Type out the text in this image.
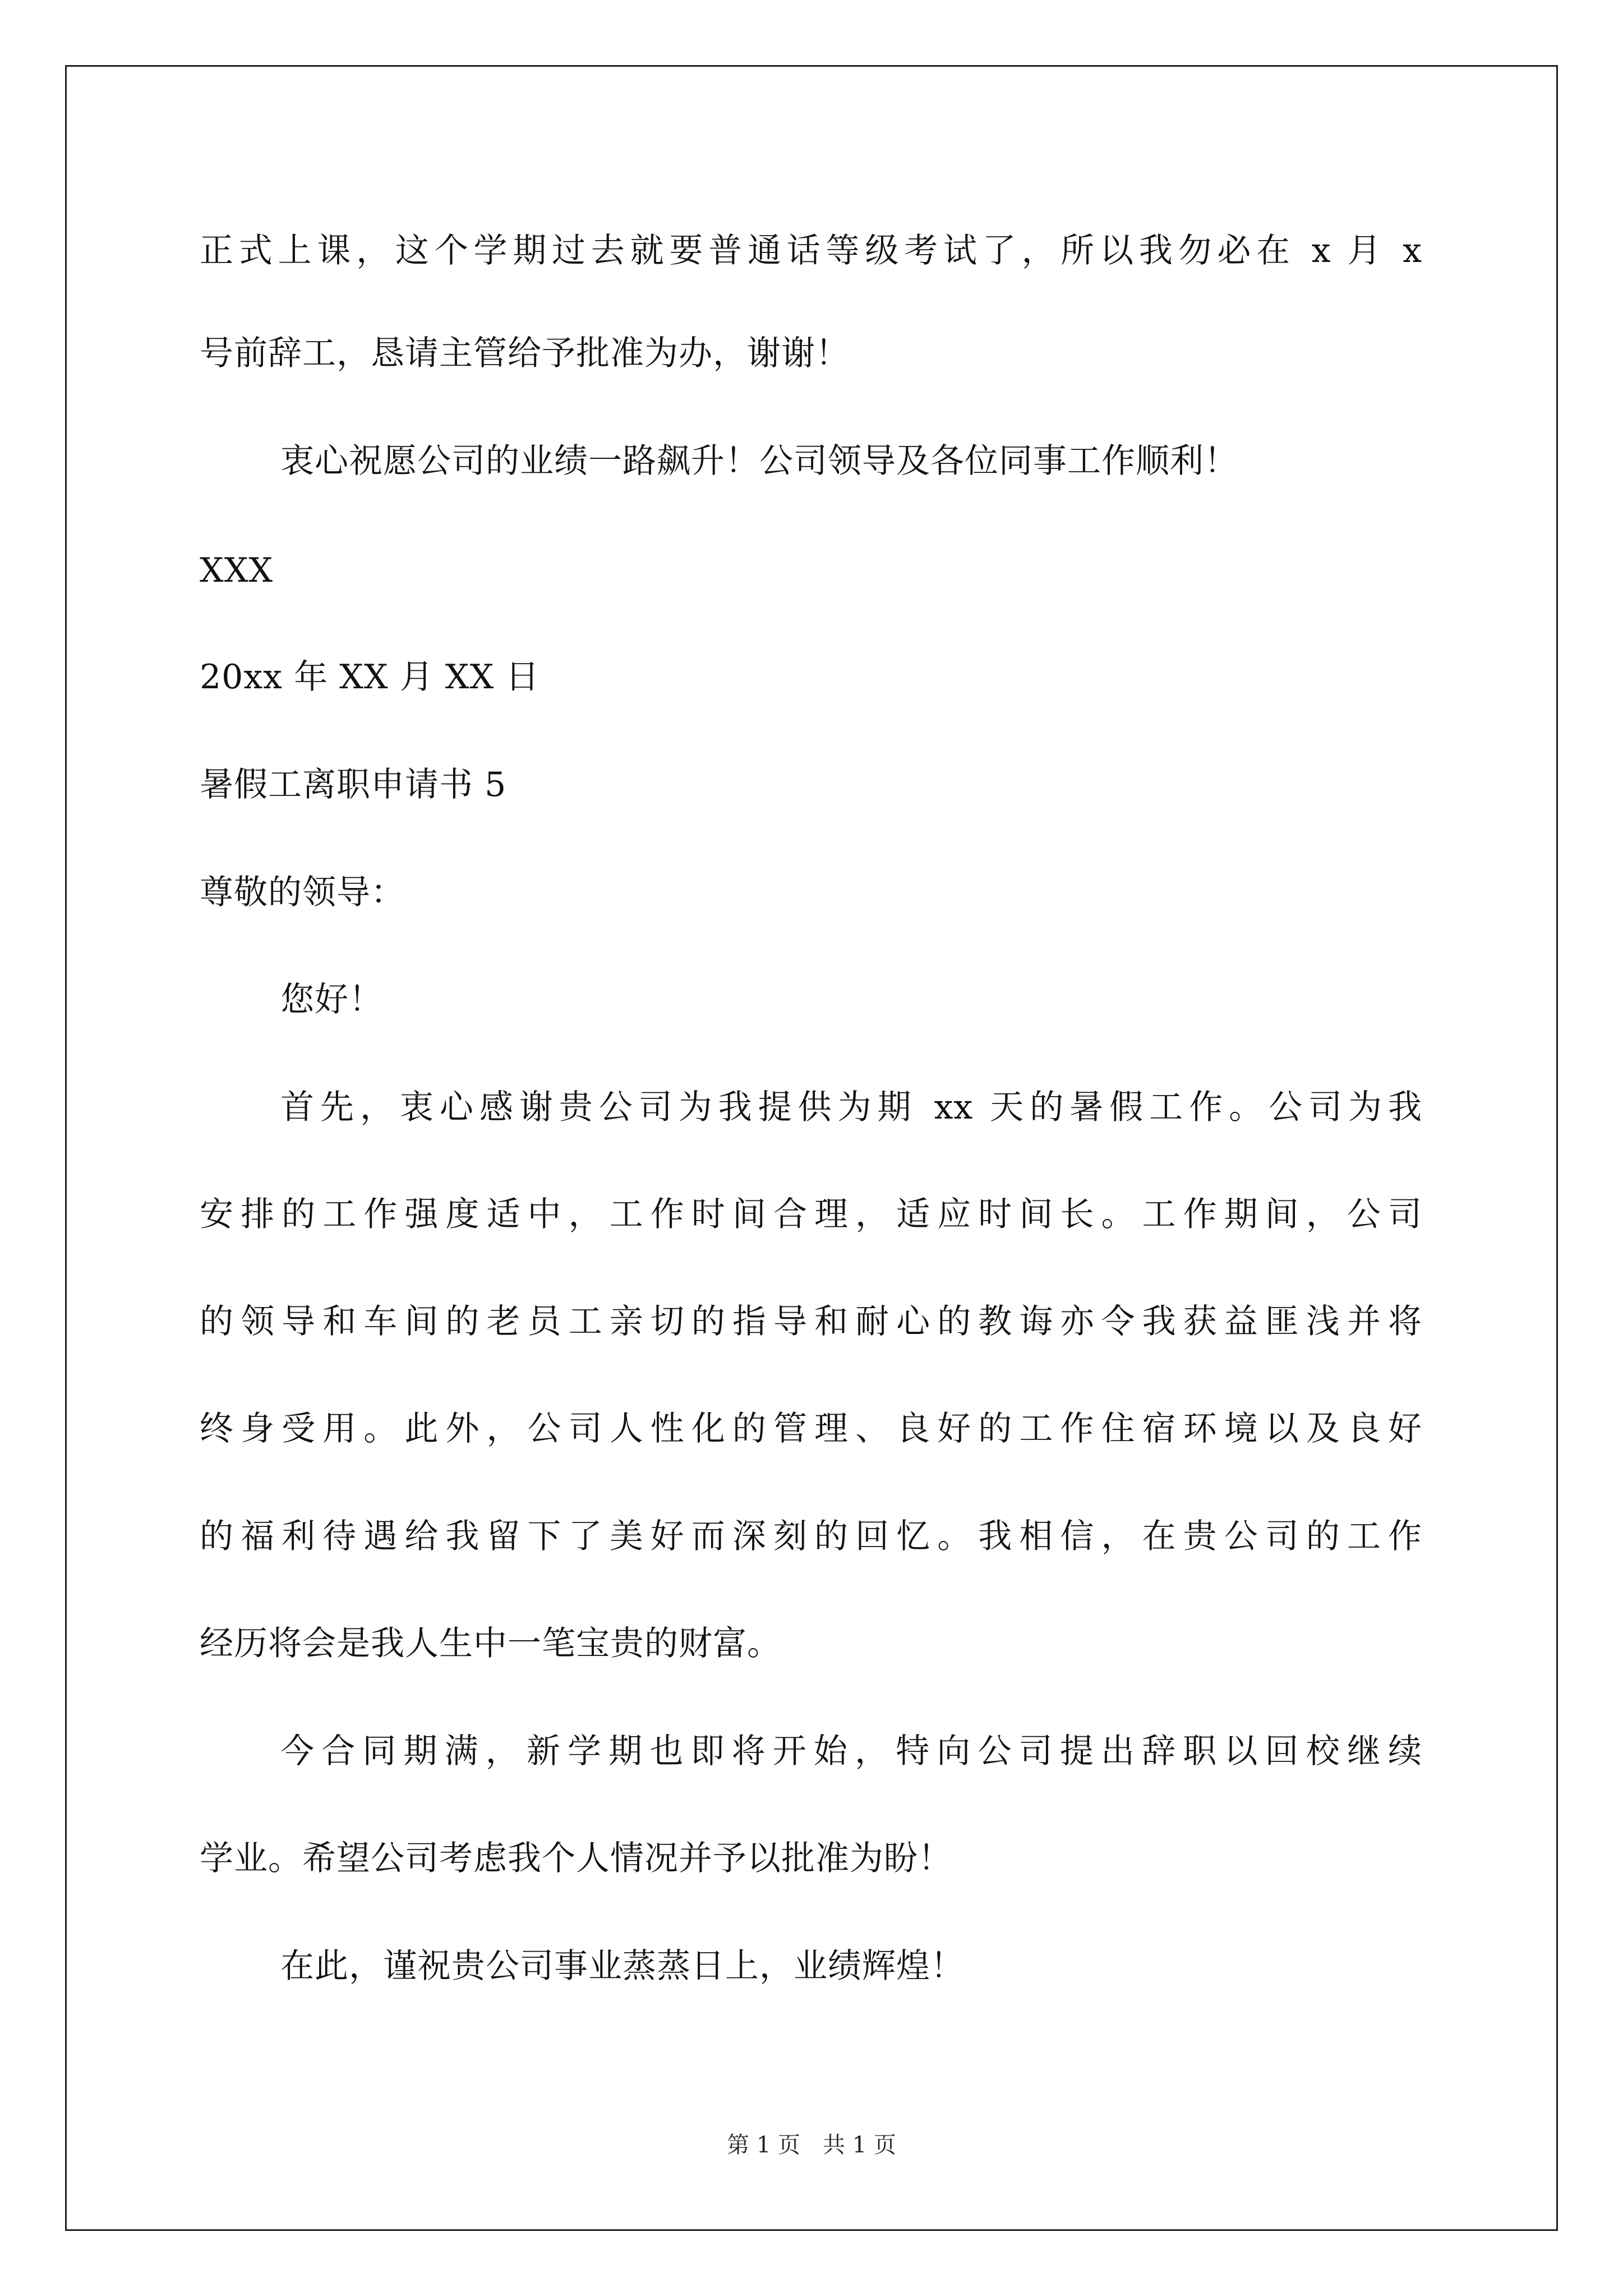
正式上课，这个学期过去就要普通话等级考试了，所以我勿必在 x 月 x
号前辞工，恳请主管给予批准为办，谢谢！
衷心祝愿公司的业绩一路飙升！公司领导及各位同事工作顺利！
XXX
20xx 年 XX 月 XX 日
暑假工离职申请书 5
尊敬的领导：
您好！
首先，衷心感谢贵公司为我提供为期 xx 天的暑假工作。公司为我
安排的工作强度适中，工作时间合理，适应时间长。工作期间，公司
的领导和车间的老员工亲切的指导和耐心的教诲亦令我获益匪浅并将
终身受用。此外，公司人性化的管理、良好的工作住宿环境以及良好
的福利待遇给我留下了美好而深刻的回忆。我相信，在贵公司的工作
经历将会是我人生中一笔宝贵的财富。
今合同期满，新学期也即将开始，特向公司提出辞职以回校继续
学业。希望公司考虑我个人情况并予以批准为盼！
在此，谨祝贵公司事业蒸蒸日上，业绩辉煌！
第 1 页　共 1 页
